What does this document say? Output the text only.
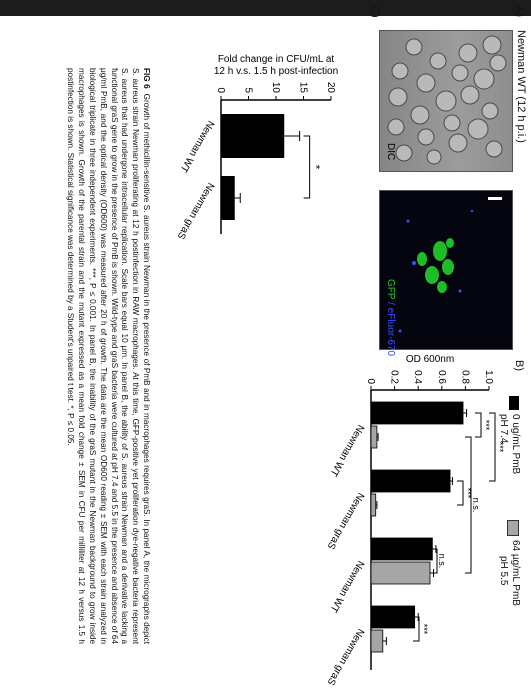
A)
Newman WT (12 h p.i.)
DIC
GFP / eFluor-670
B)
0 ug/mL PmB
pH 7.4
64 µg/mL PmB
pH 5.5
0 0.2 0.4 0.6 0.8 1.0
OD 600nm
Newman WT
Newman graS
Newman WT
Newman graS
***
***
***
n.s.
n.s.
***
C)
0 5 10 15 20
Fold change in CFU/mL at
12 h v.s. 1.5 h post-infection
Newman WT
Newman graS
*
FIG 6  Growth of methicillin-sensitive S. aureus strain Newman in the presence of PmB and in macrophages requires graS. In panel A, the micrographs depict S. aureus strain Newman proliferating at 12 h postinfection in RAW macrophages. At this time, GFP-positive yet proliferation dye-negative bacteria represent S. aureus that had undergone intracellular replication. Scale bars equal 10 μm. In panel B, the ability of S. aureus strain Newman and a derivative lacking a functional graS gene to grow in the presence of PmB is shown. Wild-type and graS bacteria were cultured at pH 7.4 and 5.5 in the presence and absence of 64 μg/ml PmB, and the optical density (OD600) was measured after 20 h of growth. The data are the mean OD600 reading ± SEM with each strain analyzed in biological triplicate in three independent experiments. ***, P ≤ 0.001. In panel B, the inability of the graS mutant in the Newman background to grow inside macrophages is shown. Growth of the parental strain and the mutant expressed as a mean fold change ± SEM in CFU per milliliter at 12 h versus 1.5 h postinfection is shown. Statistical significance was determined by a Student's unpaired t test. *, P ≤ 0.05.
